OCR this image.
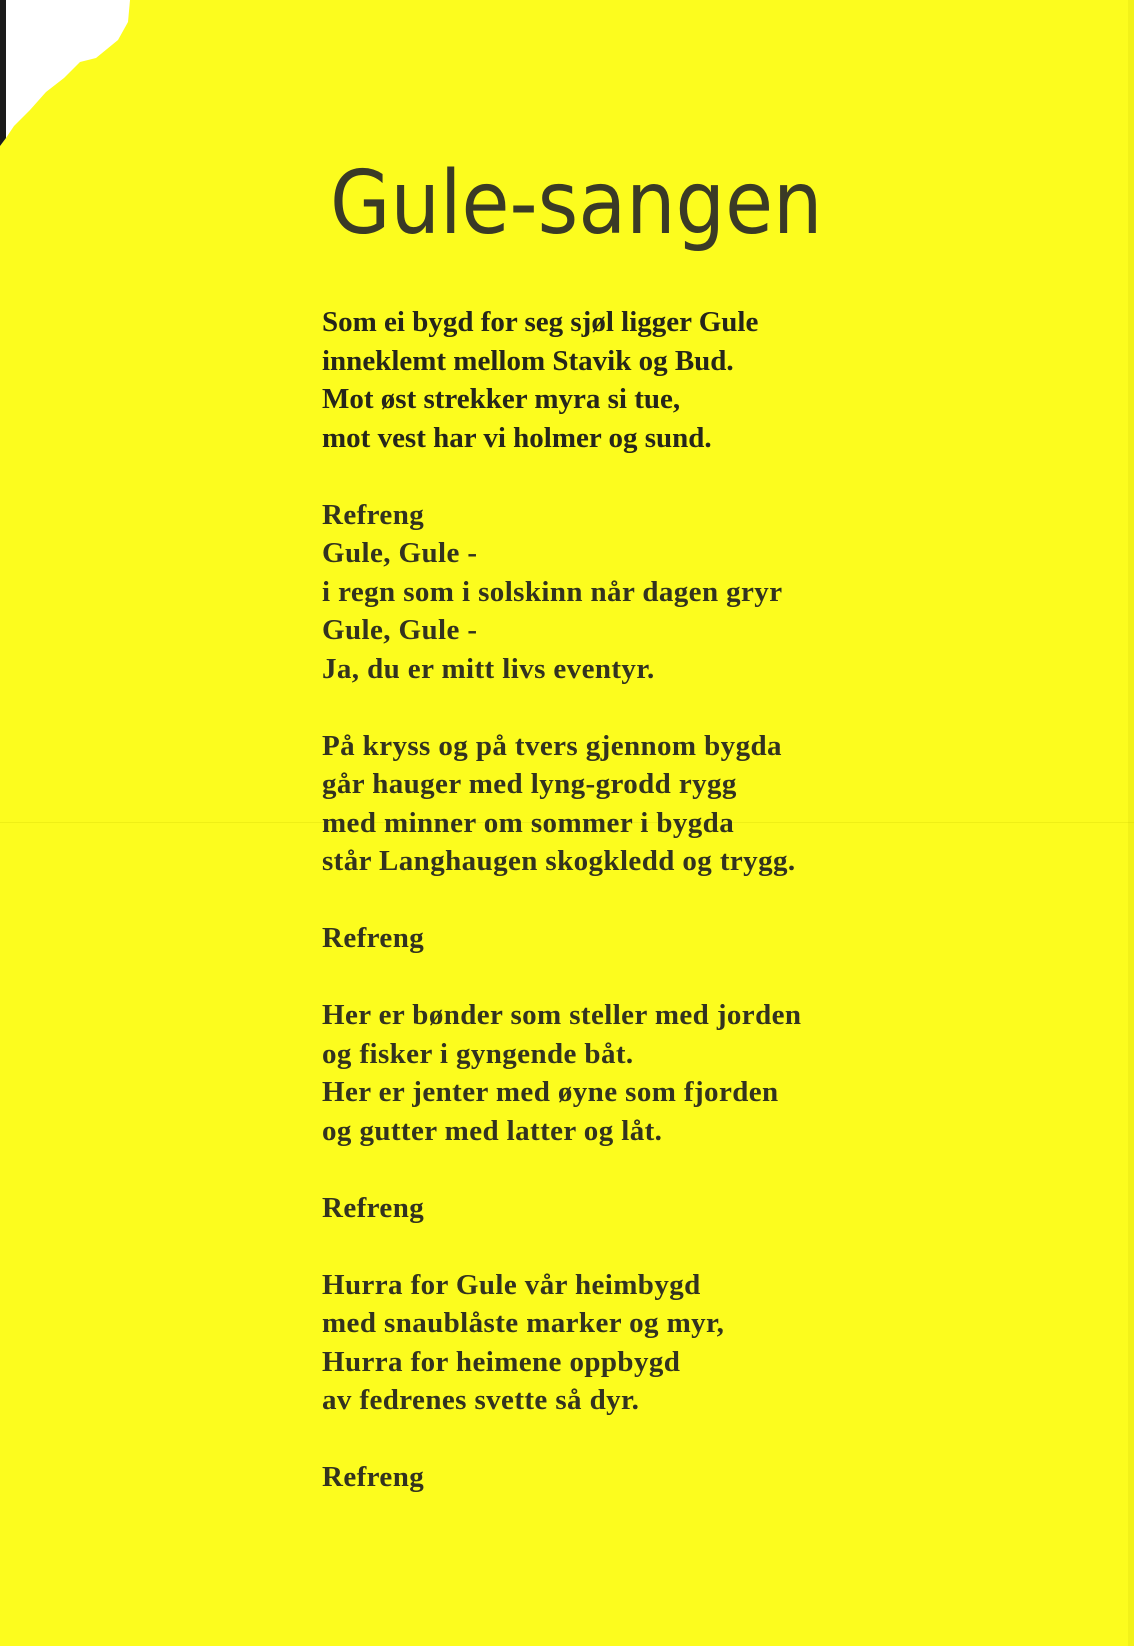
Gule-sangen
Som ei bygd for seg sjøl ligger Gule
inneklemt mellom Stavik og Bud.
Mot øst strekker myra si tue,
mot vest har vi holmer og sund.
Refreng
Gule, Gule -
i regn som i solskinn når dagen gryr
Gule, Gule -
Ja, du er mitt livs eventyr.
På kryss og på tvers gjennom bygda
går hauger med lyng-grodd rygg
med minner om sommer i bygda
står Langhaugen skogkledd og trygg.
Refreng
Her er bønder som steller med jorden
og fisker i gyngende båt.
Her er jenter med øyne som fjorden
og gutter med latter og låt.
Refreng
Hurra for Gule vår heimbygd
med snaublåste marker og myr,
Hurra for heimene oppbygd
av fedrenes svette så dyr.
Refreng
